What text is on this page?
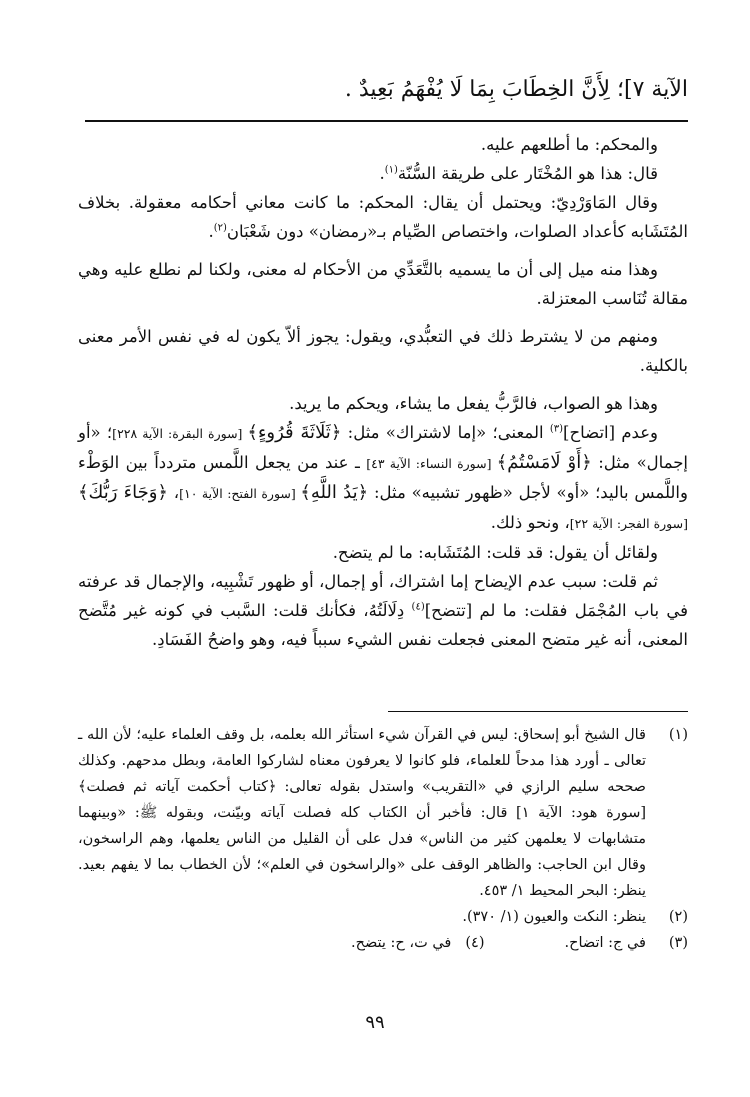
الآية ٧]؛ لِأَنَّ الخِطَابَ بِمَا لَا يُفْهَمُ بَعِيدٌ .

والمحكم: ما أطلعهم عليه.

قال: هذا هو المُخْتَار على طريقة السُّنّة$^{(١)}$.

وقال المَاوَرْدِيّ: ويحتمل أن يقال: المحكم: ما كانت معاني أحكامه معقولة. بخلاف المُتَشَابه كأعداد الصلوات، واختصاص الصِّيام بـ«رمضان» دون شَعْبَان$^{(٢)}$.

وهذا منه ميل إلى أن ما يسميه بالتَّعَدِّي من الأحكام له معنى، ولكنا لم نطلع عليه وهي مقالة تُنَاسب المعتزلة.

ومنهم من لا يشترط ذلك في التعبُّدي، ويقول: يجوز ألاّ يكون له في نفس الأمر معنى بالكلية.

وهذا هو الصواب، فالرَّبُّ يفعل ما يشاء، ويحكم ما يريد.

وعدم [اتضاح]$^{(٣)}$ المعنى؛ «إما لاشتراك» مثل: ﴿ثَلَاثَةَ قُرُوءٍ﴾ [سورة البقرة: الآية ٢٢٨]؛ «أو إجمال» مثل: ﴿أَوْ لَامَسْتُمُ﴾ [سورة النساء: الآية ٤٣] ـ عند من يجعل اللَّمس متردداً بين الوَطْء واللَّمس باليد؛ «أو» لأجل «ظهور تشبيه» مثل: ﴿يَدُ اللَّهِ﴾ [سورة الفتح: الآية ١٠]، ﴿وَجَاءَ رَبُّكَ﴾ [سورة الفجر: الآية ٢٢]، ونحو ذلك.

ولقائل أن يقول: قد قلت: المُتَشَابه: ما لم يتضح.

ثم قلت: سبب عدم الإيضاح إما اشتراك، أو إجمال، أو ظهور تَشْبِيه، والإجمال قد عرفته في باب المُجْمَل فقلت: ما لم [تتضح]$^{(٤)}$ دِلَالَتُهُ، فكأنك قلت: السَّبب في كونه غير مُتَّضح المعنى، أنه غير متضح المعنى فجعلت نفس الشيء سبباً فيه، وهو واضحُ الفَسَادِ.

(١)
قال الشيخ أبو إسحاق: ليس في القرآن شيء استأثر الله بعلمه، بل وقف العلماء عليه؛ لأن الله ـ تعالى ـ أورد هذا مدحاً للعلماء، فلو كانوا لا يعرفون معناه لشاركوا العامة، وبطل مدحهم. وكذلك صححه سليم الرازي في «التقريب» واستدل بقوله تعالى: ﴿كتاب أحكمت آياته ثم فصلت﴾ [سورة هود: الآية ١] قال: فأخبر أن الكتاب كله فصلت آياته وبيّنت، وبقوله ﷺ: «وبينهما متشابهات لا يعلمهن كثير من الناس» فدل على أن القليل من الناس يعلمها، وهم الراسخون، وقال ابن الحاجب: والظاهر الوقف على «والراسخون في العلم»؛ لأن الخطاب بما لا يفهم بعيد. ينظر: البحر المحيط ١/ ٤٥٣.
(٢)
ينظر: النكت والعيون (١/ ٣٧٠).
(٣)
في ج: اتضاح.
(٤)
في ت، ح: يتضح.
٩٩
